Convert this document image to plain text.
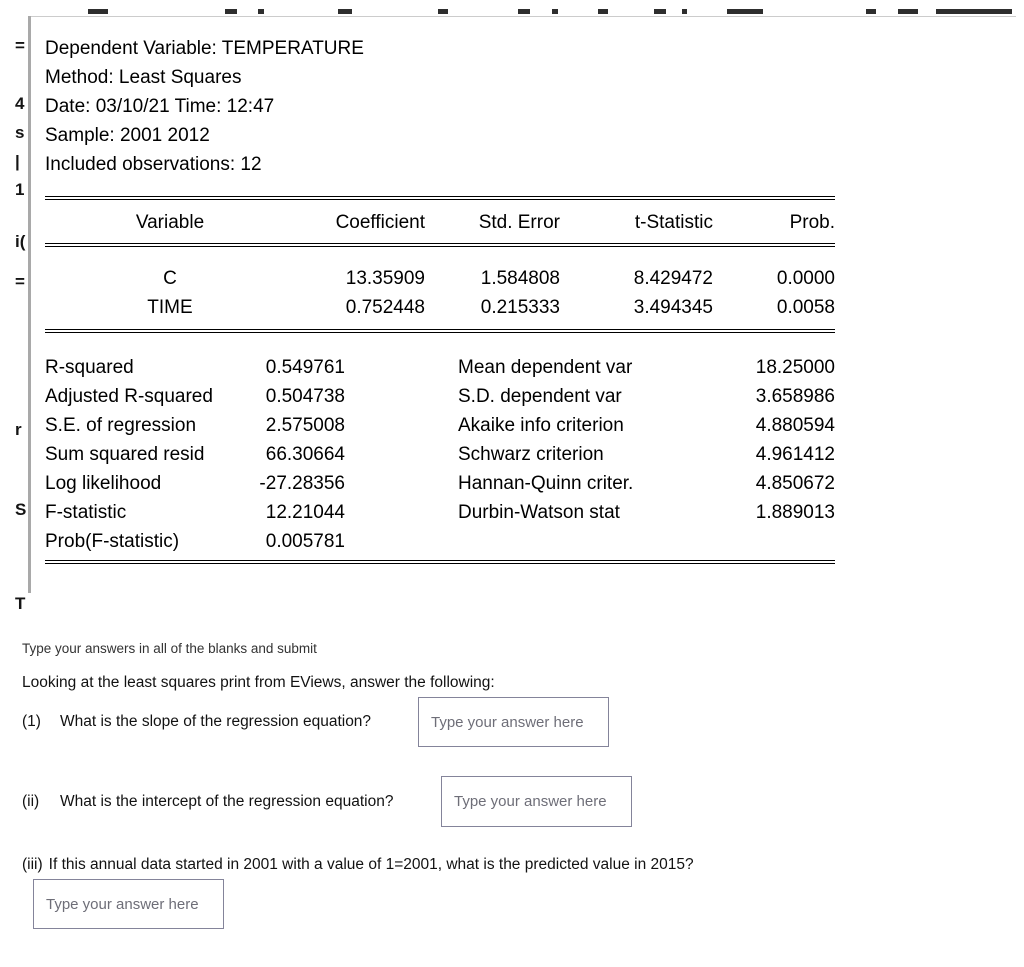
=
4
s
|
1
i(
=
r
S
T
Dependent Variable: TEMPERATURE
Method: Least Squares
Date: 03/10/21 Time: 12:47
Sample: 2001 2012
Included observations: 12
Variable	Coefficient	Std. Error	t-Statistic	Prob.
C	13.35909	1.584808	8.429472	0.0000
TIME	0.752448	0.215333	3.494345	0.0058
R-squared	0.549761	Mean dependent var	18.25000
Adjusted R-squared	0.504738	S.D. dependent var	3.658986
S.E. of regression	2.575008	Akaike info criterion	4.880594
Sum squared resid	66.30664	Schwarz criterion	4.961412
Log likelihood	-27.28356	Hannan-Quinn criter.	4.850672
F-statistic	12.21044	Durbin-Watson stat	1.889013
Prob(F-statistic)	0.005781
Type your answers in all of the blanks and submit
Looking at the least squares print from EViews, answer the following:
(1) What is the slope of the regression equation?
Type your answer here
(ii) What is the intercept of the regression equation?
Type your answer here
(iii) If this annual data started in 2001 with a value of 1=2001, what is the predicted value in 2015?
Type your answer here
